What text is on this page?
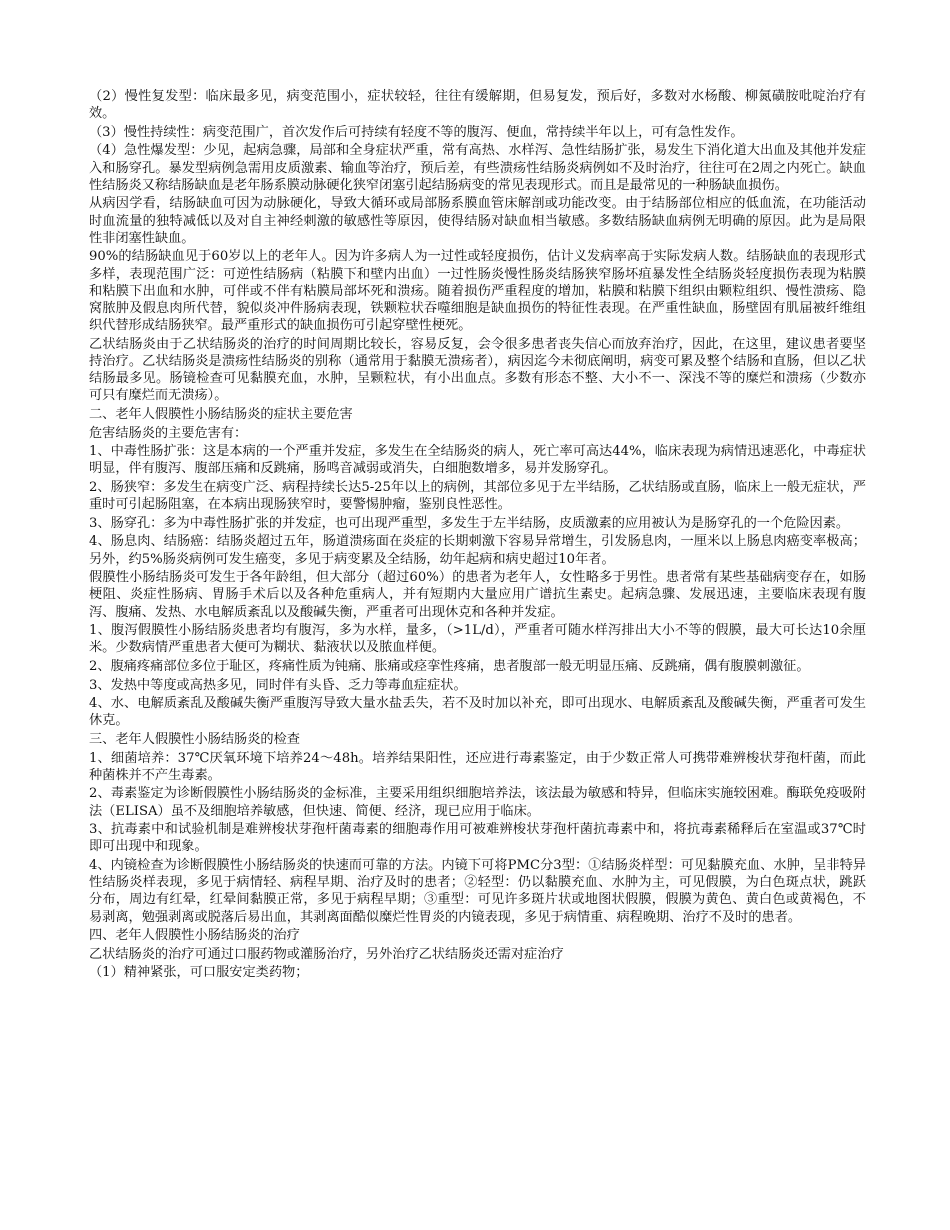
（2）慢性复发型：临床最多见，病变范围小，症状较轻，往往有缓解期，但易复发，预后好，多数对水杨酸、柳氮磺胺吡啶治疗有效。

（3）慢性持续性：病变范围广，首次发作后可持续有轻度不等的腹泻、便血，常持续半年以上，可有急性发作。

（4）急性爆发型：少见，起病急骤，局部和全身症状严重，常有高热、水样泻、急性结肠扩张，易发生下消化道大出血及其他并发症入和肠穿孔。暴发型病例急需用皮质激素、输血等治疗，预后差，有些溃疡性结肠炎病例如不及时治疗，往往可在2周之内死亡。缺血性结肠炎又称结肠缺血是老年肠系膜动脉硬化狭窄闭塞引起结肠病变的常见表现形式。而且是最常见的一种肠缺血损伤。

从病因学看，结肠缺血可因为动脉硬化，导致大循环或局部肠系膜血管床解剖或功能改变。由于结肠部位相应的低血流，在功能活动时血流量的独特减低以及对自主神经刺激的敏感性等原因，使得结肠对缺血相当敏感。多数结肠缺血病例无明确的原因。此为是局限性非闭塞性缺血。

90%的结肠缺血见于60岁以上的老年人。因为许多病人为一过性或轻度损伤，估计义发病率高于实际发病人数。结肠缺血的表现形式多样，表现范围广泛：可逆性结肠病（粘膜下和壁内出血）一过性肠炎慢性肠炎结肠狭窄肠坏疽暴发性全结肠炎轻度损伤表现为粘膜和粘膜下出血和水肿，可伴或不伴有粘膜局部坏死和溃疡。随着损伤严重程度的增加，粘膜和粘膜下组织由颗粒组织、慢性溃疡、隐窝脓肿及假息肉所代替，貌似炎冲件肠病表现，铁颗粒状吞噬细胞是缺血损伤的特征性表现。在严重性缺血，肠壁固有肌届被纤维组织代替形成结肠狭窄。最严重形式的缺血损伤可引起穿壁性梗死。

乙状结肠炎由于乙状结肠炎的治疗的时间周期比较长，容易反复，会令很多患者丧失信心而放弃治疗，因此，在这里，建议患者要坚持治疗。乙状结肠炎是溃疡性结肠炎的别称（通常用于黏膜无溃疡者），病因迄今未彻底阐明，病变可累及整个结肠和直肠，但以乙状结肠最多见。肠镜检查可见黏膜充血，水肿，呈颗粒状，有小出血点。多数有形态不整、大小不一、深浅不等的糜烂和溃疡（少数亦可只有糜烂而无溃疡）。

二、老年人假膜性小肠结肠炎的症状主要危害

危害结肠炎的主要危害有：

1、中毒性肠扩张：这是本病的一个严重并发症，多发生在全结肠炎的病人，死亡率可高达44%，临床表现为病情迅速恶化，中毒症状明显，伴有腹泻、腹部压痛和反跳痛，肠鸣音减弱或消失，白细胞数增多，易并发肠穿孔。

2、肠狭窄：多发生在病变广泛、病程持续长达5-25年以上的病例，其部位多见于左半结肠，乙状结肠或直肠，临床上一般无症状，严重时可引起肠阻塞，在本病出现肠狭窄时，要警惕肿瘤，鉴别良性恶性。

3、肠穿孔：多为中毒性肠扩张的并发症，也可出现严重型，多发生于左半结肠，皮质激素的应用被认为是肠穿孔的一个危险因素。

4、肠息肉、结肠癌：结肠炎超过五年，肠道溃疡面在炎症的长期刺激下容易异常增生，引发肠息肉，一厘米以上肠息肉癌变率极高；另外，约5%肠炎病例可发生癌变，多见于病变累及全结肠，幼年起病和病史超过10年者。

假膜性小肠结肠炎可发生于各年龄组，但大部分（超过60%）的患者为老年人，女性略多于男性。患者常有某些基础病变存在，如肠梗阻、炎症性肠病、胃肠手术后以及各种危重病人，并有短期内大量应用广谱抗生素史。起病急骤、发展迅速，主要临床表现有腹泻、腹痛、发热、水电解质紊乱以及酸碱失衡，严重者可出现休克和各种并发症。

1、腹泻假膜性小肠结肠炎患者均有腹泻，多为水样，量多，（>1L/d），严重者可随水样泻排出大小不等的假膜，最大可长达10余厘米。少数病情严重患者大便可为糊状、黏液状以及脓血样便。

2、腹痛疼痛部位多位于耻区，疼痛性质为钝痛、胀痛或痉挛性疼痛，患者腹部一般无明显压痛、反跳痛，偶有腹膜刺激征。

3、发热中等度或高热多见，同时伴有头昏、乏力等毒血症症状。

4、水、电解质紊乱及酸碱失衡严重腹泻导致大量水盐丢失，若不及时加以补充，即可出现水、电解质紊乱及酸碱失衡，严重者可发生休克。

三、老年人假膜性小肠结肠炎的检查

1、细菌培养：37℃厌氧环境下培养24～48h。培养结果阳性，还应进行毒素鉴定，由于少数正常人可携带难辨梭状芽孢杆菌，而此种菌株并不产生毒素。

2、毒素鉴定为诊断假膜性小肠结肠炎的金标准，主要采用组织细胞培养法，该法最为敏感和特异，但临床实施较困难。酶联免疫吸附法（ELISA）虽不及细胞培养敏感，但快速、简便、经济，现已应用于临床。

3、抗毒素中和试验机制是难辨梭状芽孢杆菌毒素的细胞毒作用可被难辨梭状芽孢杆菌抗毒素中和，将抗毒素稀释后在室温或37℃时即可出现中和现象。

4、内镜检查为诊断假膜性小肠结肠炎的快速而可靠的方法。内镜下可将PMC分3型：①结肠炎样型：可见黏膜充血、水肿，呈非特异性结肠炎样表现，多见于病情轻、病程早期、治疗及时的患者；②轻型：仍以黏膜充血、水肿为主，可见假膜，为白色斑点状，跳跃分布，周边有红晕，红晕间黏膜正常，多见于病程早期；③重型：可见许多斑片状或地图状假膜，假膜为黄色、黄白色或黄褐色，不易剥离，勉强剥离或脱落后易出血，其剥离面酷似糜烂性胃炎的内镜表现，多见于病情重、病程晚期、治疗不及时的患者。

四、老年人假膜性小肠结肠炎的治疗

乙状结肠炎的治疗可通过口服药物或灌肠治疗，另外治疗乙状结肠炎还需对症治疗

（1）精神紧张，可口服安定类药物；
